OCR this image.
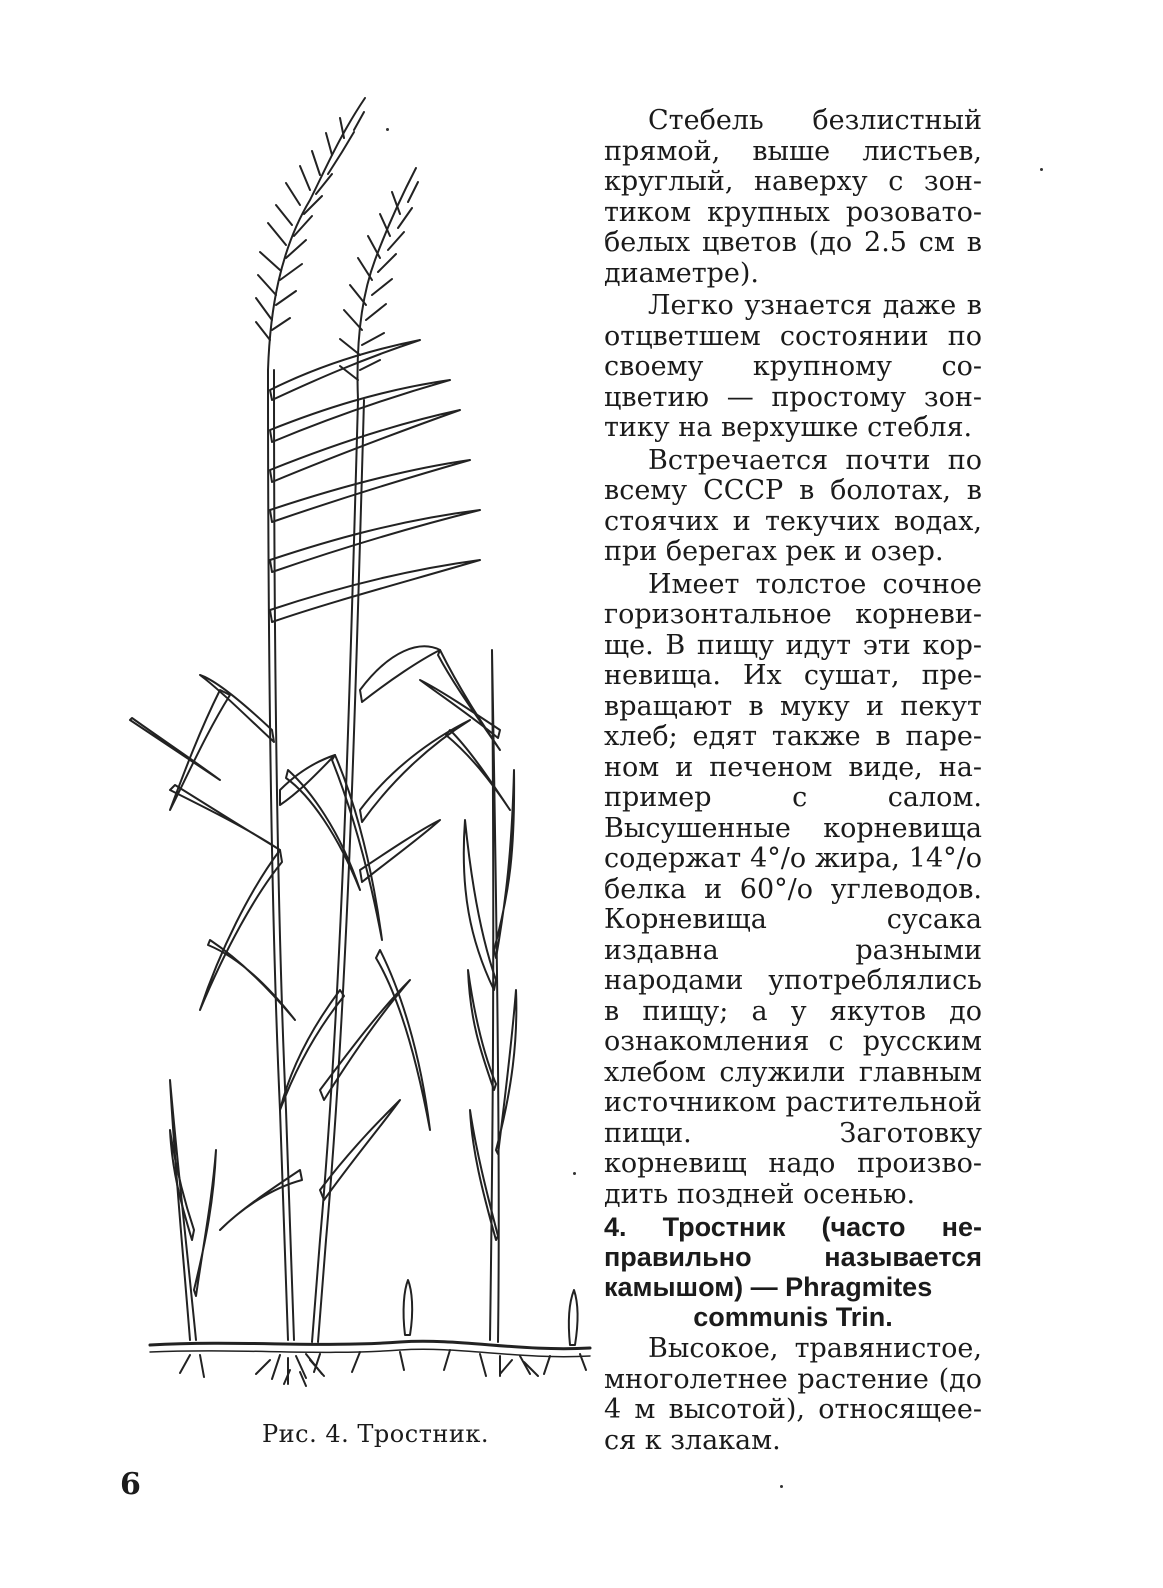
Рис. 4. Тростник.
6

Стебель безлистный прямой, выше листьев, круглый, наверху с зонтиком крупных розовато-белых цветов (до 2.5 см в диаметре).

Легко узнается даже в отцветшем состоянии по своему крупному соцветию — простому зонтику на верхушке стебля.

Встречается почти по всему СССР в болотах, в стоячих и текучих водах, при берегах рек и озер.

Имеет толстое сочное горизонтальное корневище. В пищу идут эти корневища. Их сушат, превращают в муку и пекут хлеб; едят также в пареном и печеном виде, например с салом. Высушенные корневища содержат 4°/о жира, 14°/о белка и 60°/о углеводов. Корневища сусака издавна разными народами употреблялись в пищу; а у якутов до ознакомления с русским хлебом служили главным источником растительной пищи. Заготовку корневищ надо производить поздней осенью.

4. Тростник (часто неправильно называется камышом) — Phragmites
communis Trin.

Высокое, травянистое, многолетнее растение (до 4 м высотой), относящееся к злакам.
